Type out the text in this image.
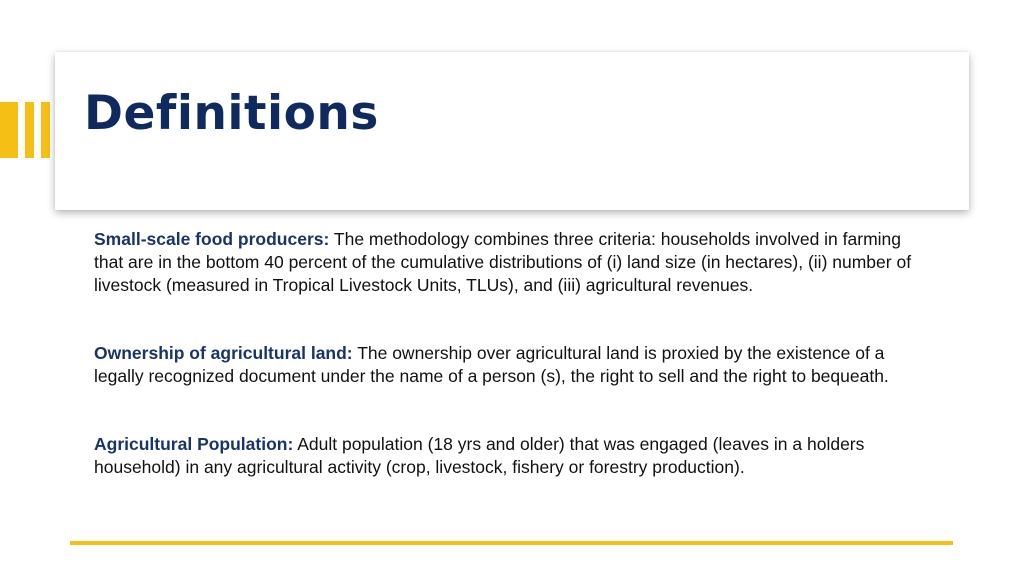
Definitions

Small-scale food producers: The methodology combines three criteria: households involved in farming that are in the bottom 40 percent of the cumulative distributions of (i) land size (in hectares), (ii) number of livestock (measured in Tropical Livestock Units, TLUs), and (iii) agricultural revenues.

Ownership of agricultural land: The ownership over agricultural land is proxied by the existence of a legally recognized document under the name of a person (s), the right to sell and the right to bequeath.

Agricultural Population: Adult population (18 yrs and older) that was engaged (leaves in a holders household) in any agricultural activity (crop, livestock, fishery or forestry production).
